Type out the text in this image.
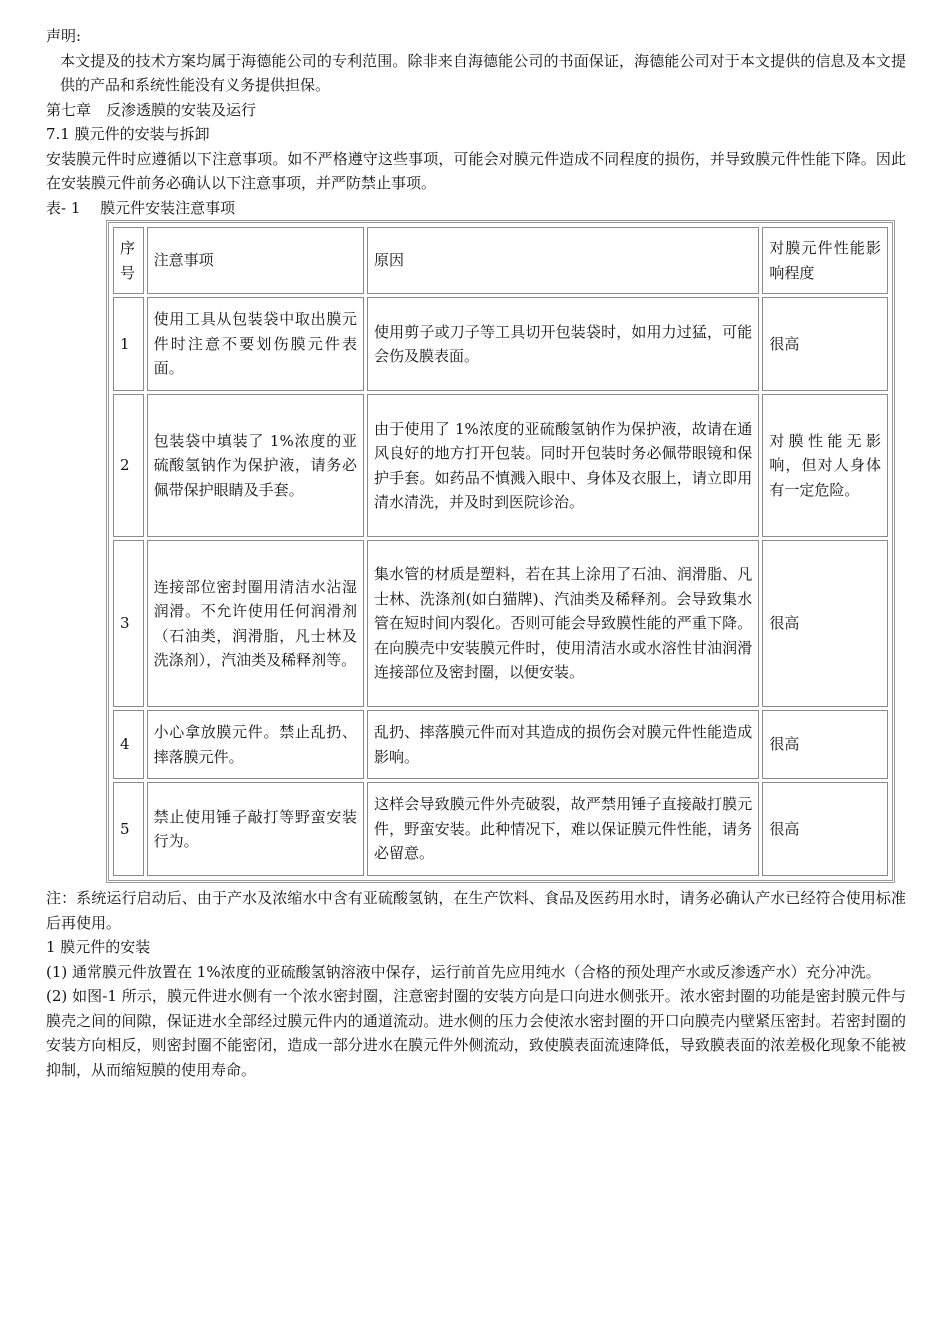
声明:

本文提及的技术方案均属于海德能公司的专利范围。除非来自海德能公司的书面保证，海德能公司对于本文提供的信息及本文提供的产品和系统性能没有义务提供担保。

第七章　反渗透膜的安装及运行

7.1 膜元件的安装与拆卸

安装膜元件时应遵循以下注意事项。如不严格遵守这些事项，可能会对膜元件造成不同程度的损伤，并导致膜元件性能下降。因此在安装膜元件前务必确认以下注意事项，并严防禁止事项。

表- 1　 膜元件安装注意事项

序号	注意事项	原因	对膜元件性能影响程度
1	使用工具从包装袋中取出膜元件时注意不要划伤膜元件表面。	使用剪子或刀子等工具切开包装袋时，如用力过猛，可能会伤及膜表面。	很高
2	包装袋中填装了 1%浓度的亚硫酸氢钠作为保护液，请务必佩带保护眼睛及手套。	由于使用了 1%浓度的亚硫酸氢钠作为保护液，故请在通风良好的地方打开包装。同时开包装时务必佩带眼镜和保护手套。如药品不慎溅入眼中、身体及衣服上，请立即用清水清洗，并及时到医院诊治。	对膜性能无影响，但对人身体有一定危险。
3	连接部位密封圈用清洁水沾湿润滑。不允许使用任何润滑剂（石油类，润滑脂，凡士林及洗涤剂），汽油类及稀释剂等。	集水管的材质是塑料，若在其上涂用了石油、润滑脂、凡士林、洗涤剂(如白猫牌)、汽油类及稀释剂。会导致集水管在短时间内裂化。否则可能会导致膜性能的严重下降。在向膜壳中安装膜元件时，使用清洁水或水溶性甘油润滑连接部位及密封圈，以便安装。	很高
4	小心拿放膜元件。禁止乱扔、摔落膜元件。	乱扔、摔落膜元件而对其造成的损伤会对膜元件性能造成影响。	很高
5	禁止使用锤子敲打等野蛮安装行为。	这样会导致膜元件外壳破裂，故严禁用锤子直接敲打膜元件，野蛮安装。此种情况下，难以保证膜元件性能，请务必留意。	很高

注：系统运行启动后、由于产水及浓缩水中含有亚硫酸氢钠，在生产饮料、食品及医药用水时，请务必确认产水已经符合使用标准后再使用。

1 膜元件的安装

(1) 通常膜元件放置在 1%浓度的亚硫酸氢钠溶液中保存，运行前首先应用纯水（合格的预处理产水或反渗透产水）充分冲洗。

(2) 如图-1 所示，膜元件进水侧有一个浓水密封圈，注意密封圈的安装方向是口向进水侧张开。浓水密封圈的功能是密封膜元件与膜壳之间的间隙，保证进水全部经过膜元件内的通道流动。进水侧的压力会使浓水密封圈的开口向膜壳内壁紧压密封。若密封圈的安装方向相反，则密封圈不能密闭，造成一部分进水在膜元件外侧流动，致使膜表面流速降低，导致膜表面的浓差极化现象不能被抑制，从而缩短膜的使用寿命。
